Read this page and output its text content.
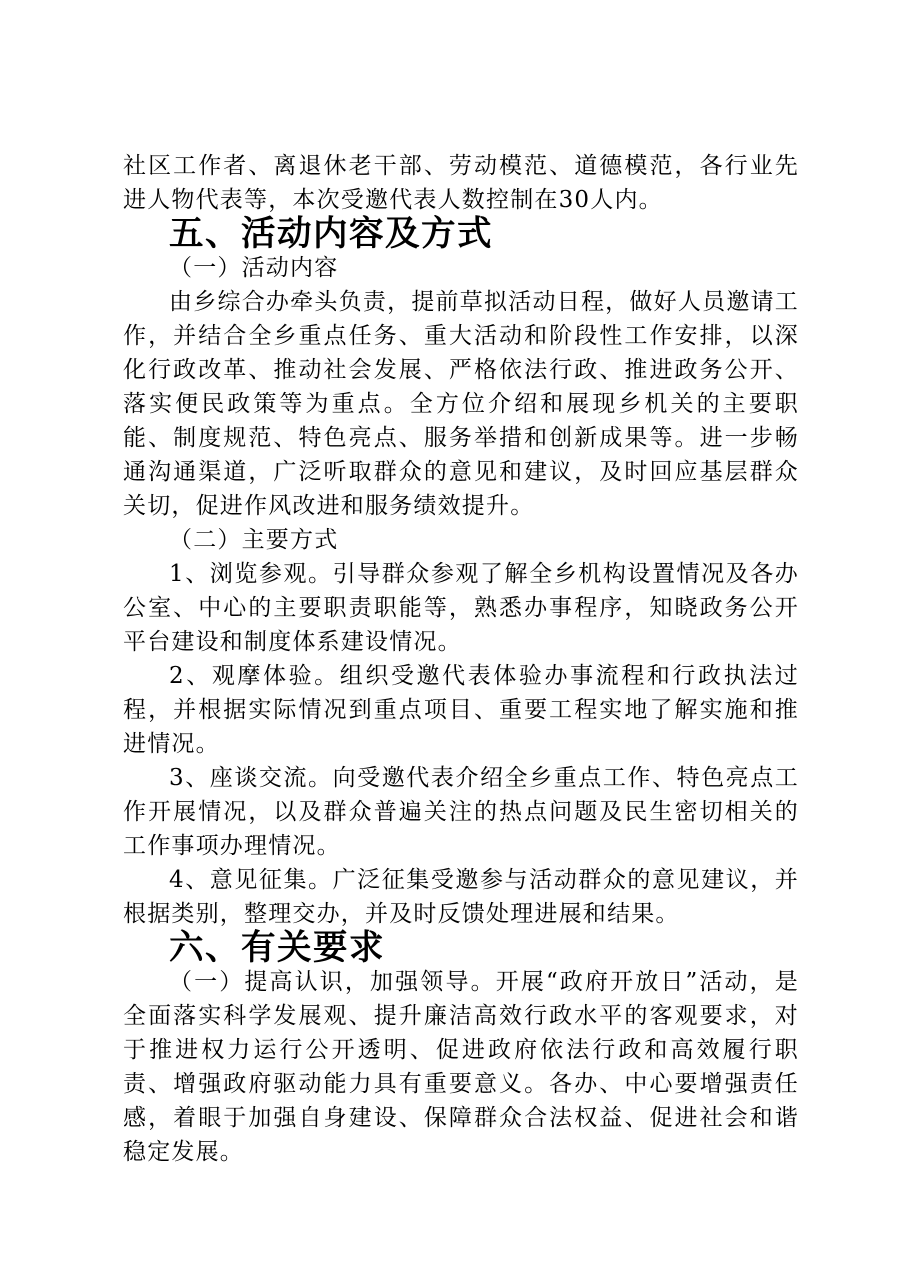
社区工作者、离退休老干部、劳动模范、道德模范，各行业先进人物代表等，本次受邀代表人数控制在30人内。

五、活动内容及方式

（一）活动内容

由乡综合办牵头负责，提前草拟活动日程，做好人员邀请工作，并结合全乡重点任务、重大活动和阶段性工作安排，以深化行政改革、推动社会发展、严格依法行政、推进政务公开、落实便民政策等为重点。全方位介绍和展现乡机关的主要职能、制度规范、特色亮点、服务举措和创新成果等。进一步畅通沟通渠道，广泛听取群众的意见和建议，及时回应基层群众关切，促进作风改进和服务绩效提升。

（二）主要方式

1、浏览参观。引导群众参观了解全乡机构设置情况及各办公室、中心的主要职责职能等，熟悉办事程序，知晓政务公开平台建设和制度体系建设情况。

2、观摩体验。组织受邀代表体验办事流程和行政执法过程，并根据实际情况到重点项目、重要工程实地了解实施和推进情况。

3、座谈交流。向受邀代表介绍全乡重点工作、特色亮点工作开展情况，以及群众普遍关注的热点问题及民生密切相关的工作事项办理情况。

4、意见征集。广泛征集受邀参与活动群众的意见建议，并根据类别，整理交办，并及时反馈处理进展和结果。

六、有关要求

（一）提高认识，加强领导。开展“政府开放日”活动，是全面落实科学发展观、提升廉洁高效行政水平的客观要求，对于推进权力运行公开透明、促进政府依法行政和高效履行职责、增强政府驱动能力具有重要意义。各办、中心要增强责任感，着眼于加强自身建设、保障群众合法权益、促进社会和谐稳定发展。
